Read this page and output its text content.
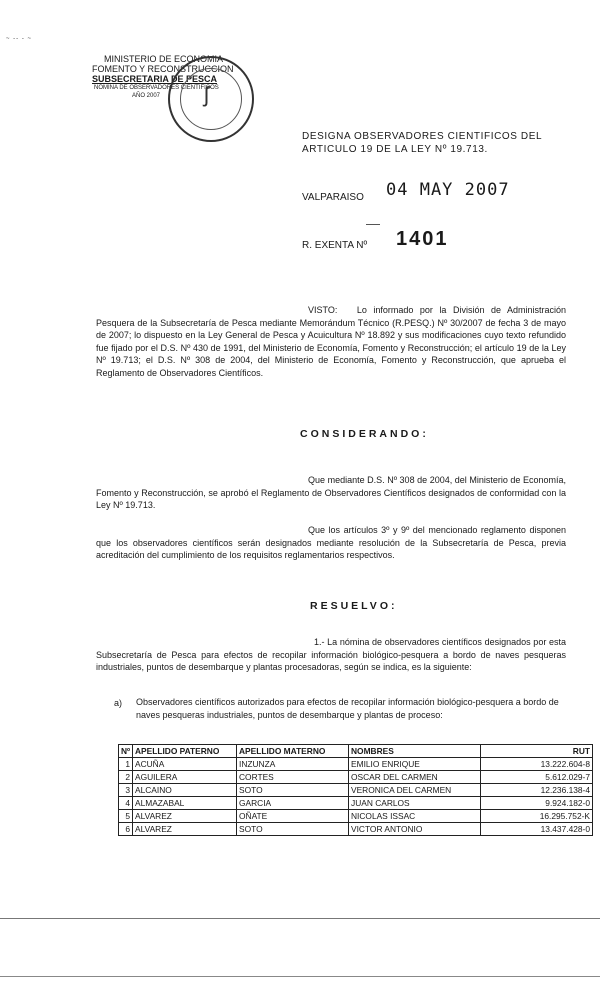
~ -- - ~
MINISTERIO DE ECONOMIA
FOMENTO Y RECONSTRUCCION
SUBSECRETARIA DE PESCA
NOMINA DE OBSERVADORES CIENTIFICOS
AÑO 2007	ʃ
DESIGNA OBSERVADORES CIENTIFICOS DEL ARTICULO 19 DE LA LEY Nº 19.713.
VALPARAISO 04 MAY 2007
R. EXENTA Nº 1401
VISTO: Lo informado por la División de Administración Pesquera de la Subsecretaría de Pesca mediante Memorándum Técnico (R.PESQ.) Nº 30/2007 de fecha 3 de mayo de 2007; lo dispuesto en la Ley General de Pesca y Acuicultura Nº 18.892 y sus modificaciones cuyo texto refundido fue fijado por el D.S. Nº 430 de 1991, del Ministerio de Economía, Fomento y Reconstrucción; el artículo 19 de la Ley Nº 19.713; el D.S. Nº 308 de 2004, del Ministerio de Economía, Fomento y Reconstrucción, que aprueba el Reglamento de Observadores Científicos.
CONSIDERANDO:
Que mediante D.S. Nº 308 de 2004, del Ministerio de Economía, Fomento y Reconstrucción, se aprobó el Reglamento de Observadores Científicos designados de conformidad con la Ley Nº 19.713.
Que los artículos 3º y 9º del mencionado reglamento disponen que los observadores científicos serán designados mediante resolución de la Subsecretaría de Pesca, previa acreditación del cumplimiento de los requisitos reglamentarios respectivos.
RESUELVO:
1.- La nómina de observadores científicos designados por esta Subsecretaría de Pesca para efectos de recopilar información biológico-pesquera a bordo de naves pesqueras industriales, puntos de desembarque y plantas procesadoras, según se indica, es la siguiente:
a) Observadores científicos autorizados para efectos de recopilar información biológico-pesquera a bordo de naves pesqueras industriales, puntos de desembarque y plantas de proceso:
Nº	APELLIDO PATERNO	APELLIDO MATERNO	NOMBRES	RUT
1	ACUÑA	INZUNZA	EMILIO ENRIQUE	13.222.604-8
2	AGUILERA	CORTES	OSCAR DEL CARMEN	5.612.029-7
3	ALCAINO	SOTO	VERONICA DEL CARMEN	12.236.138-4
4	ALMAZABAL	GARCIA	JUAN CARLOS	9.924.182-0
5	ALVAREZ	OÑATE	NICOLAS ISSAC	16.295.752-K
6	ALVAREZ	SOTO	VICTOR ANTONIO	13.437.428-0
